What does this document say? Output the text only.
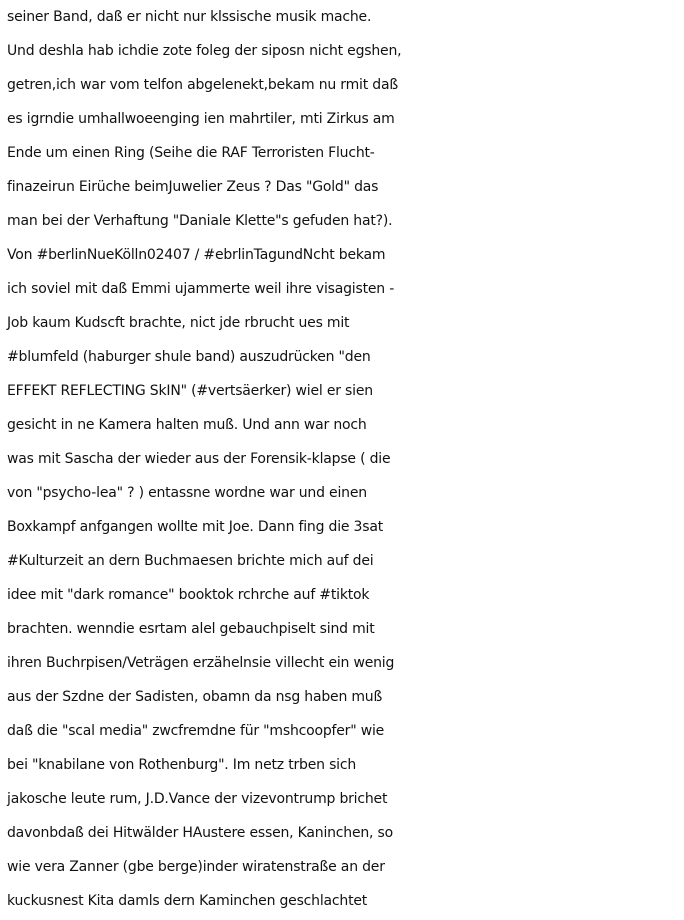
seiner Band, daß er nicht nur klssische musik mache.
Und deshla hab ichdie zote foleg der siposn nicht egshen,
getren,ich war vom telfon abgelenekt,bekam nu rmit daß
es igrndie umhallwoeenging ien mahrtiler, mti Zirkus am
Ende um einen Ring (Seihe die RAF Terroristen Flucht-
finazeirun Eirüche beimJuwelier Zeus ? Das "Gold" das
man bei der Verhaftung "Daniale Klette"s gefuden hat?).
Von #berlinNueKölln02407 / #ebrlinTagundNcht bekam
ich soviel mit daß Emmi ujammerte weil ihre visagisten -
Job kaum Kudscft brachte, nict jde rbrucht ues mit
#blumfeld (haburger shule band) auszudrücken "den
EFFEKT REFLECTING SkIN" (#vertsäerker) wiel er sien
gesicht in ne Kamera halten muß. Und ann war noch
was mit Sascha der wieder aus der Forensik-klapse ( die
von "psycho-lea" ? ) entassne wordne war und einen
Boxkampf anfgangen wollte mit Joe. Dann fing die 3sat
#Kulturzeit an dern Buchmaesen brichte mich auf dei
idee mit "dark romance" booktok rchrche auf #tiktok
brachten. wenndie esrtam alel gebauchpiselt sind mit
ihren Buchrpisen/Veträgen erzähelnsie villecht ein wenig
aus der Szdne der Sadisten, obamn da nsg haben muß
daß die "scal media" zwcfremdne für "mshcoopfer" wie
bei "knabilane von Rothenburg". Im netz trben sich
jakosche leute rum, J.D.Vance der vizevontrump brichet
davonbdaß dei Hitwälder HAustere essen, Kaninchen, so
wie vera Zanner (gbe berge)inder wiratenstraße an der
kuckusnest Kita damls dern Kaminchen geschlachtet
